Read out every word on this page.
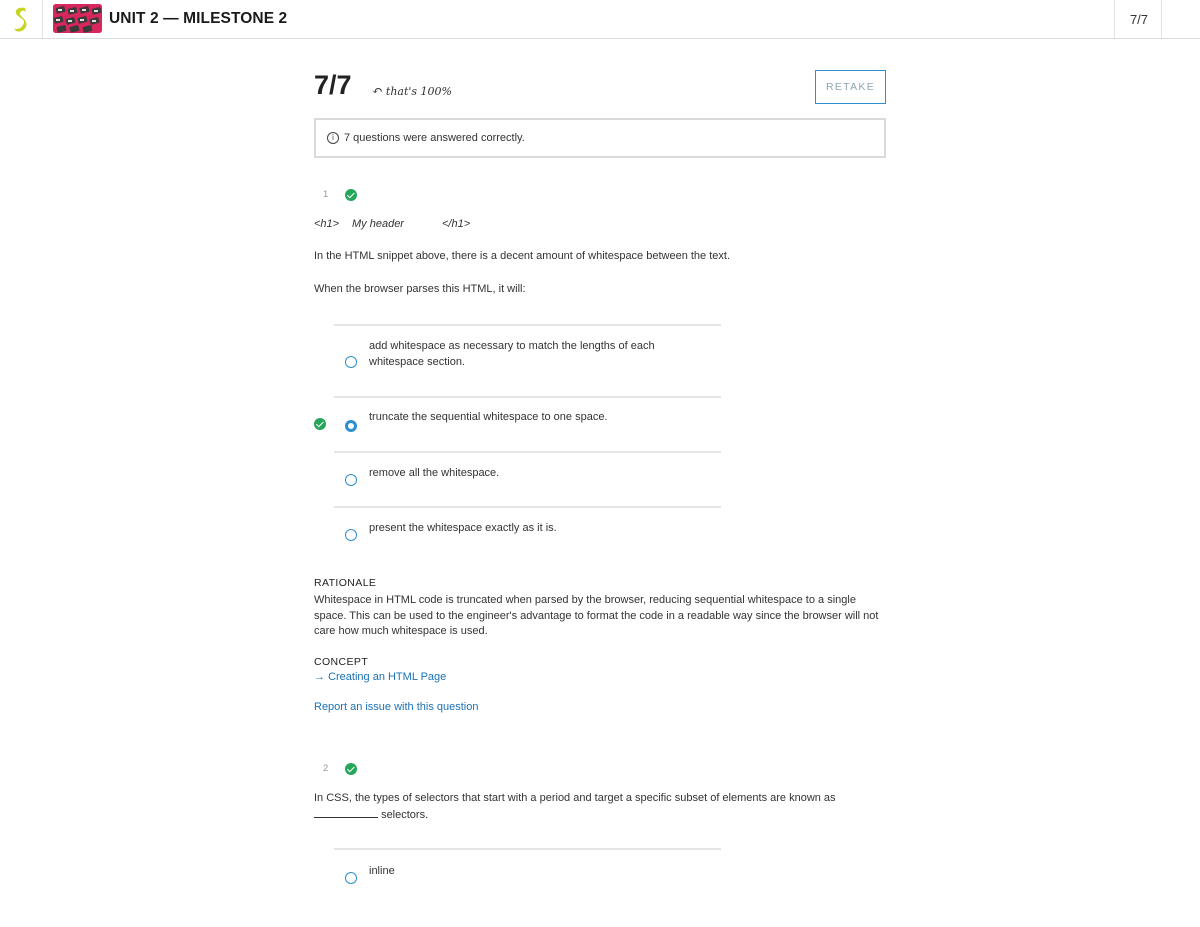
UNIT 2 — MILESTONE 2	7/7
7/7 ↶ that's 100%	RETAKE
i 7 questions were answered correctly.
1

<h1>

My header

	</h1>

In the HTML snippet above, there is a decent amount of whitespace between the text.
When the browser parses this HTML, it will:
add whitespace as necessary to match the lengths of each whitespace section.
truncate the sequential whitespace to one space.
remove all the whitespace.
present the whitespace exactly as it is.
RATIONALE
Whitespace in HTML code is truncated when parsed by the browser, reducing sequential whitespace to a single space. This can be used to the engineer's advantage to format the code in a readable way since the browser will not care how much whitespace is used.
CONCEPT
→ Creating an HTML Page
Report an issue with this question
2
In CSS, the types of selectors that start with a period and target a specific subset of elements are known as
selectors.
inline
